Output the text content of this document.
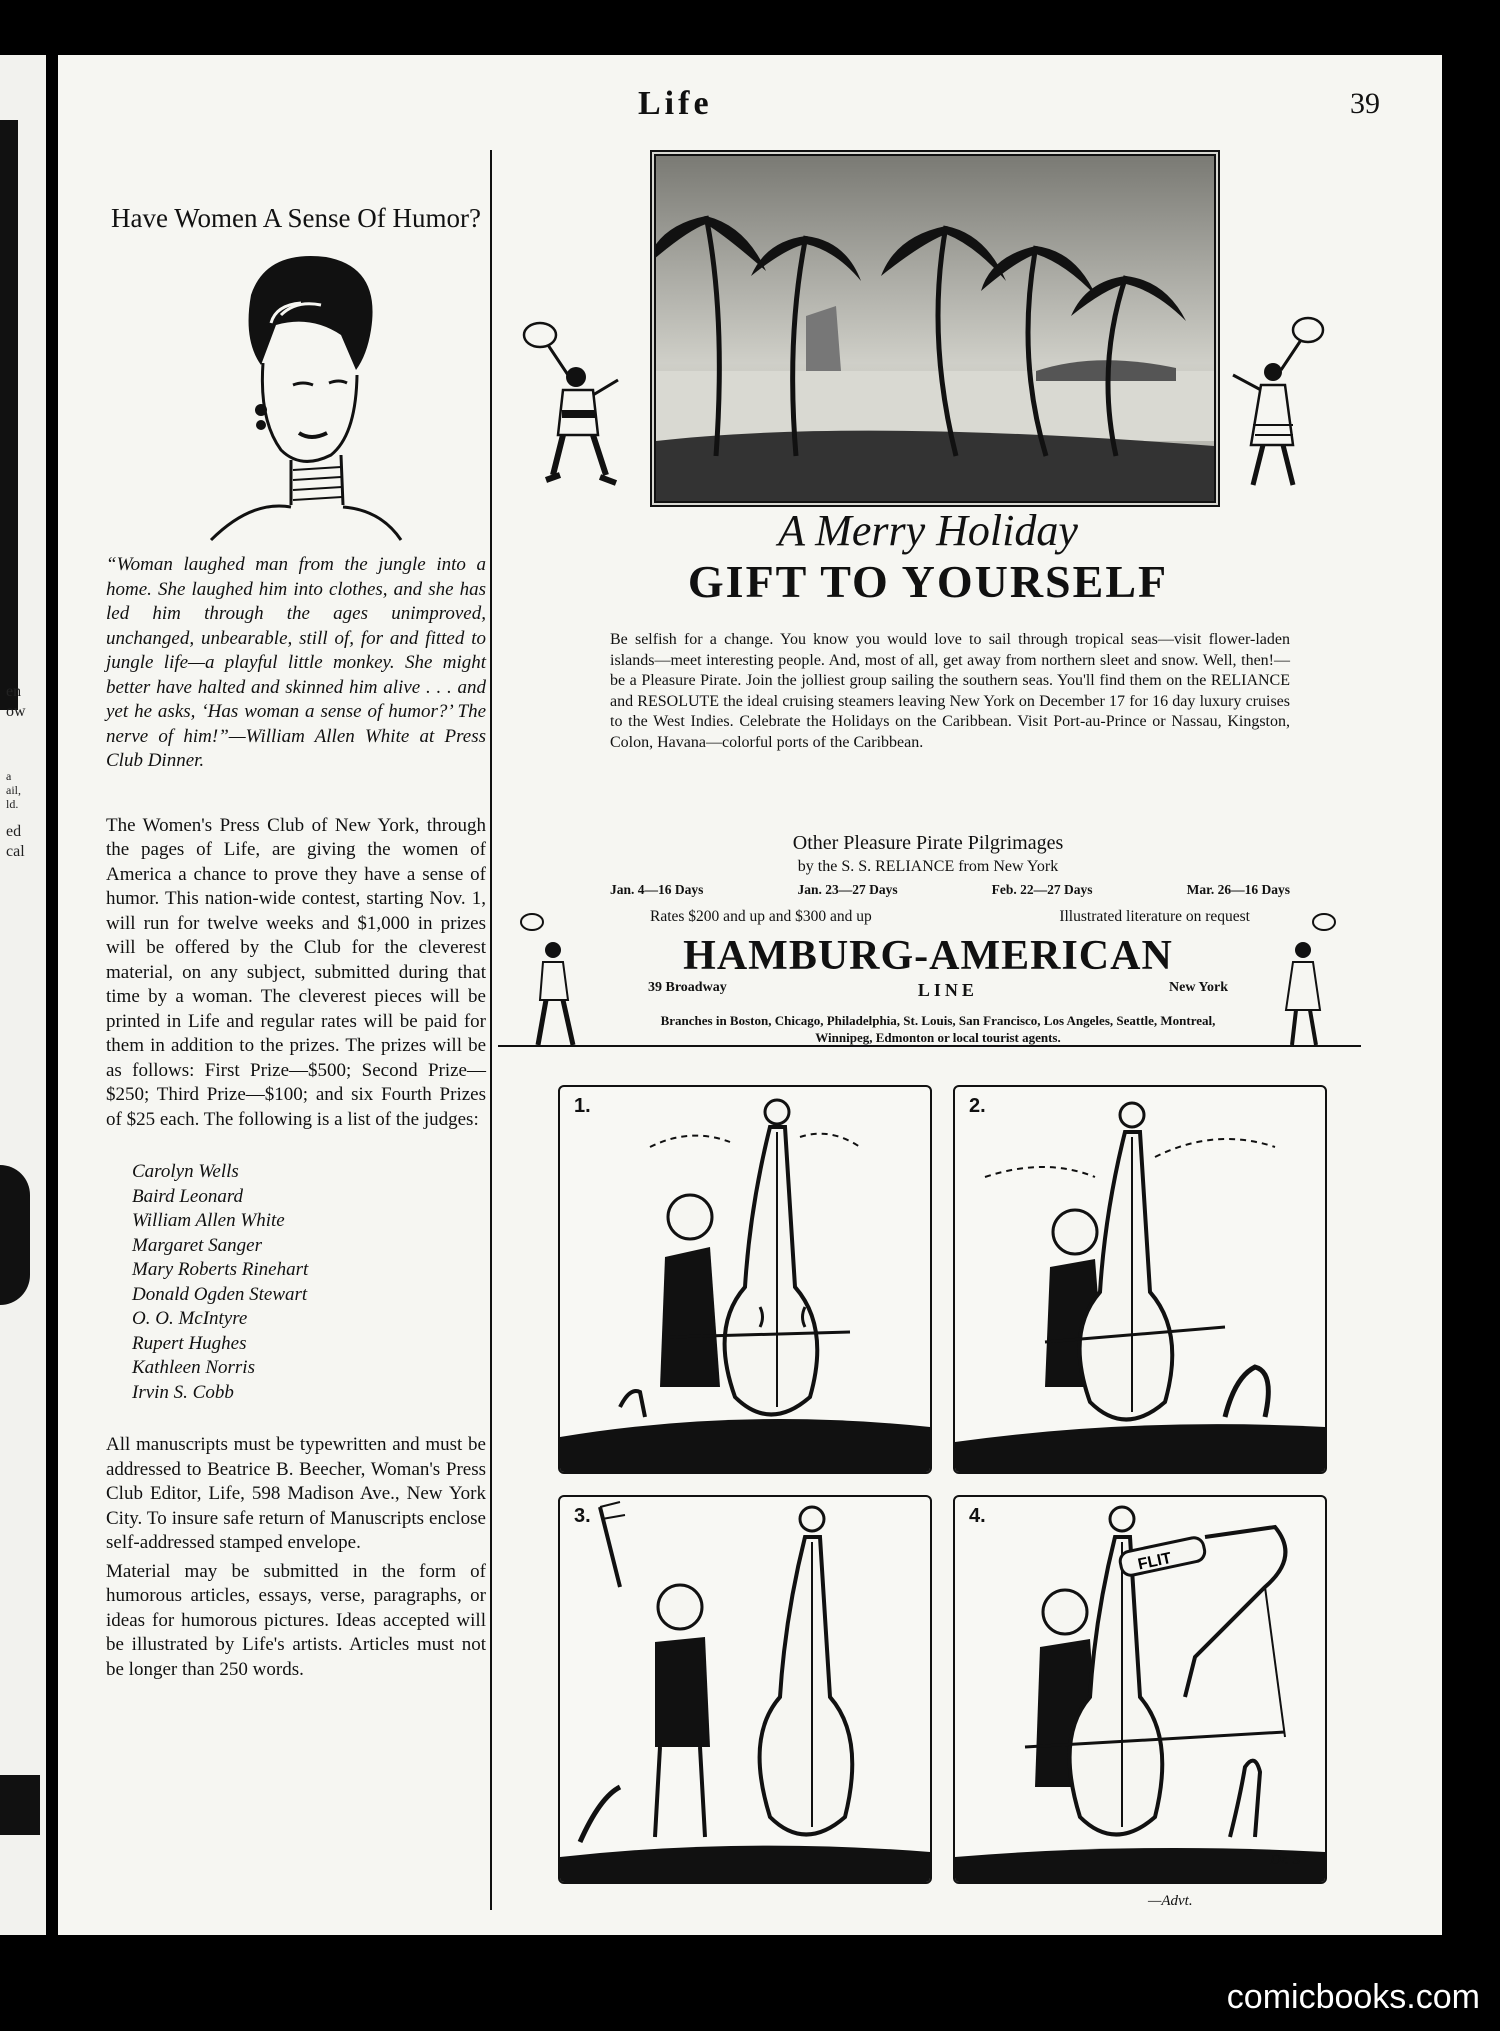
en
ow
a
ail,
ld.
ed
cal
Life	39
Have Women A Sense Of Humor?

“Woman laughed man from the jungle into a home. She laughed him into clothes, and she has led him through the ages unimproved, unchanged, unbearable, still of, for and fitted to jungle life—a playful little monkey. She might better have halted and skinned him alive . . . and yet he asks, ‘Has woman a sense of humor?’ The nerve of him!”—William Allen White at Press Club Dinner.

The Women's Press Club of New York, through the pages of Life, are giving the women of America a chance to prove they have a sense of humor. This nation-wide contest, starting Nov. 1, will run for twelve weeks and $1,000 in prizes will be offered by the Club for the cleverest material, on any subject, submitted during that time by a woman. The cleverest pieces will be printed in Life and regular rates will be paid for them in addition to the prizes. The prizes will be as follows: First Prize—$500; Second Prize—$250; Third Prize—$100; and six Fourth Prizes of $25 each. The following is a list of the judges:

Carolyn Wells
Baird Leonard
William Allen White
Margaret Sanger
Mary Roberts Rinehart
Donald Ogden Stewart
O. O. McIntyre
Rupert Hughes
Kathleen Norris
Irvin S. Cobb

All manuscripts must be typewritten and must be addressed to Beatrice B. Beecher, Woman's Press Club Editor, Life, 598 Madison Ave., New York City. To insure safe return of Manuscripts enclose self-addressed stamped envelope.

Material may be submitted in the form of humorous articles, essays, verse, paragraphs, or ideas for humorous pictures. Ideas accepted will be illustrated by Life's artists. Articles must not be longer than 250 words.

A Merry Holiday
GIFT TO YOURSELF

Be selfish for a change. You know you would love to sail through tropical seas—visit flower-laden islands—meet interesting people. And, most of all, get away from northern sleet and snow. Well, then!—be a Pleasure Pirate. Join the jolliest group sailing the southern seas. You'll find them on the RELIANCE and RESOLUTE the ideal cruising steamers leaving New York on December 17 for 16 day luxury cruises to the West Indies. Celebrate the Holidays on the Caribbean. Visit Port-au-Prince or Nassau, Kingston, Colon, Havana—colorful ports of the Caribbean.

Other Pleasure Pirate Pilgrimages
by the S. S. RELIANCE from New York
Jan. 4—16 Days	Jan. 23—27 Days	Feb. 22—27 Days	Mar. 26—16 Days
Rates $200 and up and $300 and up	Illustrated literature on request
HAMBURG-AMERICAN
39 Broadway	LINE	New York
Branches in Boston, Chicago, Philadelphia, St. Louis, San Francisco, Los Angeles, Seattle, Montreal, Winnipeg, Edmonton or local tourist agents.
1.	2.
3.	4.
FLIT
Dr. S
—Advt.
comicbooks.com
